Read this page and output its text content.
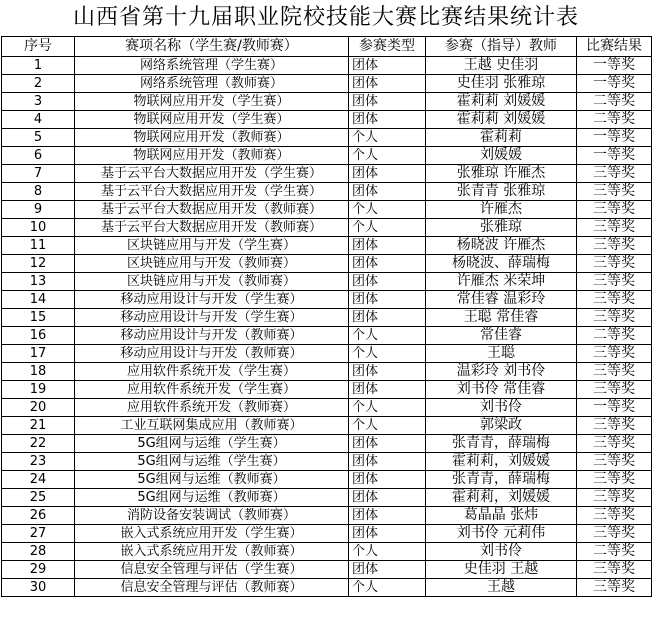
山西省第十九届职业院校技能大赛比赛结果统计表
序号	赛项名称（学生赛/教师赛）	参赛类型	参赛（指导）教师	比赛结果
1	网络系统管理（学生赛）	团体	王越 史佳羽	一等奖
2	网络系统管理（教师赛）	团体	史佳羽 张雅琼	一等奖
3	物联网应用开发（学生赛）	团体	霍莉莉 刘媛媛	二等奖
4	物联网应用开发（学生赛）	团体	霍莉莉 刘媛媛	二等奖
5	物联网应用开发（教师赛）	个人	霍莉莉	一等奖
6	物联网应用开发（教师赛）	个人	刘媛媛	一等奖
7	基于云平台大数据应用开发（学生赛）	团体	张雅琼 许雁杰	三等奖
8	基于云平台大数据应用开发（学生赛）	团体	张青青 张雅琼	三等奖
9	基于云平台大数据应用开发（教师赛）	个人	许雁杰	三等奖
10	基于云平台大数据应用开发（教师赛）	个人	张雅琼	三等奖
11	区块链应用与开发（学生赛）	团体	杨晓波 许雁杰	三等奖
12	区块链应用与开发（教师赛）	团体	杨晓波、薛瑞梅	三等奖
13	区块链应用与开发（教师赛）	团体	许雁杰 米荣坤	三等奖
14	移动应用设计与开发（学生赛）	团体	常佳睿 温彩玲	三等奖
15	移动应用设计与开发（学生赛）	团体	王聪 常佳睿	三等奖
16	移动应用设计与开发（教师赛）	个人	常佳睿	二等奖
17	移动应用设计与开发（教师赛）	个人	王聪	三等奖
18	应用软件系统开发（学生赛）	团体	温彩玲 刘书伶	三等奖
19	应用软件系统开发（学生赛）	团体	刘书伶 常佳睿	三等奖
20	应用软件系统开发（教师赛）	个人	刘书伶	一等奖
21	工业互联网集成应用（教师赛）	个人	郭梁政	三等奖
22	5G组网与运维（学生赛）	团体	张青青，薛瑞梅	三等奖
23	5G组网与运维（学生赛）	团体	霍莉莉，刘媛媛	三等奖
24	5G组网与运维（教师赛）	团体	张青青，薛瑞梅	三等奖
25	5G组网与运维（教师赛）	团体	霍莉莉，刘媛媛	三等奖
26	消防设备安装调试（教师赛）	团体	葛晶晶 张炜	三等奖
27	嵌入式系统应用开发（学生赛）	团体	刘书伶 元莉伟	三等奖
28	嵌入式系统应用开发（教师赛）	个人	刘书伶	二等奖
29	信息安全管理与评估（学生赛）	团体	史佳羽 王越	三等奖
30	信息安全管理与评估（教师赛）	个人	王越	三等奖
